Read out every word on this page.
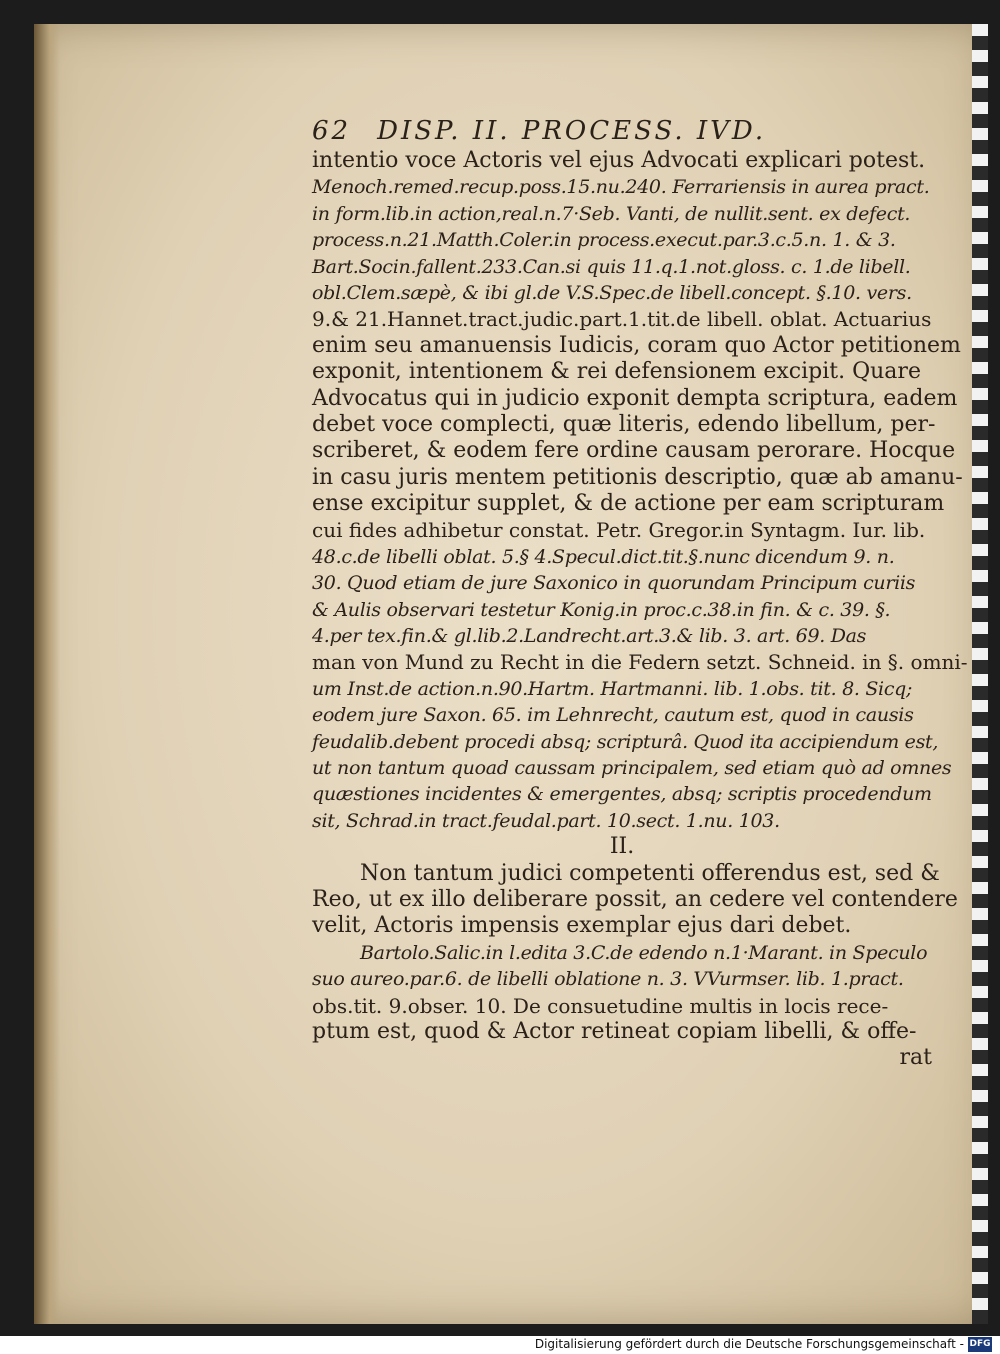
62 DISP. II. PROCESS. IVD.
intentio voce Actoris vel ejus Advocati explicari potest.
Menoch.remed.recup.poss.15.nu.240. Ferrariensis in aurea pract.
in form.lib.in action,real.n.7·Seb. Vanti, de nullit.sent. ex defect.
process.n.21.Matth.Coler.in process.execut.par.3.c.5.n. 1. & 3.
Bart.Socin.fallent.233.Can.si quis 11.q.1.not.gloss. c. 1.de libell.
obl.Clem.sæpè, & ibi gl.de V.S.Spec.de libell.concept. §.10. vers.
9.& 21.Hannet.tract.judic.part.1.tit.de libell. oblat. Actuarius
enim seu amanuensis Iudicis, coram quo Actor petitionem
exponit, intentionem & rei defensionem excipit. Quare
Advocatus qui in judicio exponit dempta scriptura, eadem
debet voce complecti, quæ literis, edendo libellum, per-
scriberet, & eodem fere ordine causam perorare. Hocque
in casu juris mentem petitionis descriptio, quæ ab amanu-
ense excipitur supplet, & de actione per eam scripturam
cui fides adhibetur constat. Petr. Gregor.in Syntagm. Iur. lib.
48.c.de libelli oblat. 5.§ 4.Specul.dict.tit.§.nunc dicendum 9. n.
30. Quod etiam de jure Saxonico in quorundam Principum curiis
& Aulis observari testetur Konig.in proc.c.38.in fin. & c. 39. §.
4.per tex.fin.& gl.lib.2.Landrecht.art.3.& lib. 3. art. 69. Das
man von Mund zu Recht in die Federn setzt. Schneid. in §. omni-
um Inst.de action.n.90.Hartm. Hartmanni. lib. 1.obs. tit. 8. Sicq;
eodem jure Saxon. 65. im Lehnrecht, cautum est, quod in causis
feudalib.debent procedi absq; scripturâ. Quod ita accipiendum est,
ut non tantum quoad caussam principalem, sed etiam quò ad omnes
quæstiones incidentes & emergentes, absq; scriptis procedendum
sit, Schrad.in tract.feudal.part. 10.sect. 1.nu. 103.
II.
Non tantum judici competenti offerendus est, sed &
Reo, ut ex illo deliberare possit, an cedere vel contendere
velit, Actoris impensis exemplar ejus dari debet.
Bartolo.Salic.in l.edita 3.C.de edendo n.1·Marant. in Speculo
suo aureo.par.6. de libelli oblatione n. 3. VVurmser. lib. 1.pract.
obs.tit. 9.obser. 10. De consuetudine multis in locis rece-
ptum est, quod & Actor retineat copiam libelli, & offe-
rat
Digitalisierung gefördert durch die Deutsche Forschungsgemeinschaft - DFG
